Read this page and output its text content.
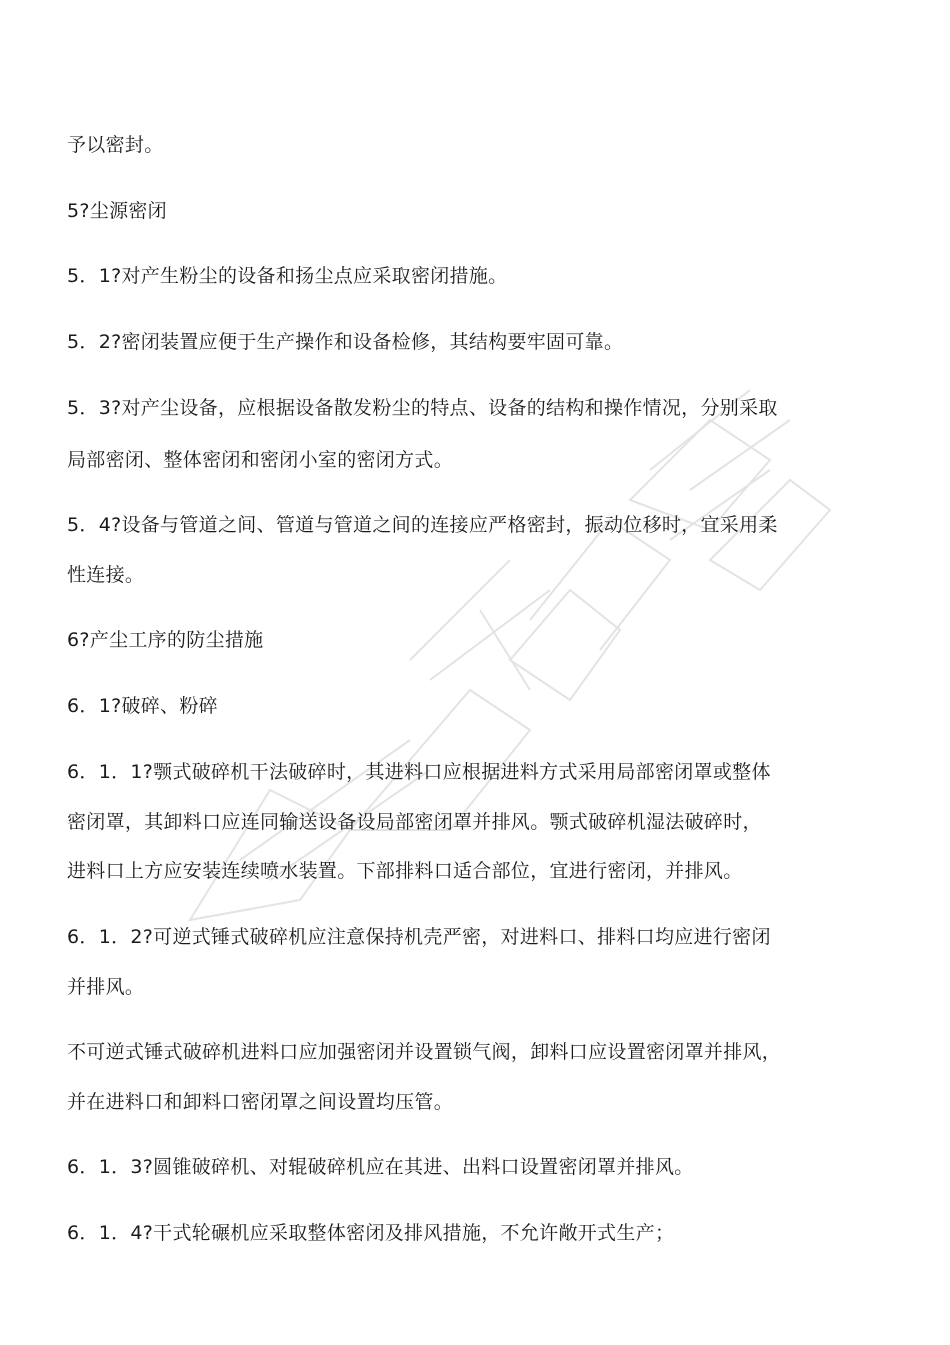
予以密封。
5?尘源密闭
5．1?对产生粉尘的设备和扬尘点应采取密闭措施。
5．2?密闭装置应便于生产操作和设备检修，其结构要牢固可靠。
5．3?对产尘设备，应根据设备散发粉尘的特点、设备的结构和操作情况，分别采取
局部密闭、整体密闭和密闭小室的密闭方式。
5．4?设备与管道之间、管道与管道之间的连接应严格密封，振动位移时，宜采用柔
性连接。
6?产尘工序的防尘措施
6．1?破碎、粉碎
6．1．1?颚式破碎机干法破碎时，其进料口应根据进料方式采用局部密闭罩或整体
密闭罩，其卸料口应连同输送设备设局部密闭罩并排风。颚式破碎机湿法破碎时，
进料口上方应安装连续喷水装置。下部排料口适合部位，宜进行密闭，并排风。
6．1．2?可逆式锤式破碎机应注意保持机壳严密，对进料口、排料口均应进行密闭
并排风。
不可逆式锤式破碎机进料口应加强密闭并设置锁气阀，卸料口应设置密闭罩并排风，
并在进料口和卸料口密闭罩之间设置均压管。
6．1．3?圆锥破碎机、对辊破碎机应在其进、出料口设置密闭罩并排风。
6．1．4?干式轮碾机应采取整体密闭及排风措施，不允许敞开式生产；
